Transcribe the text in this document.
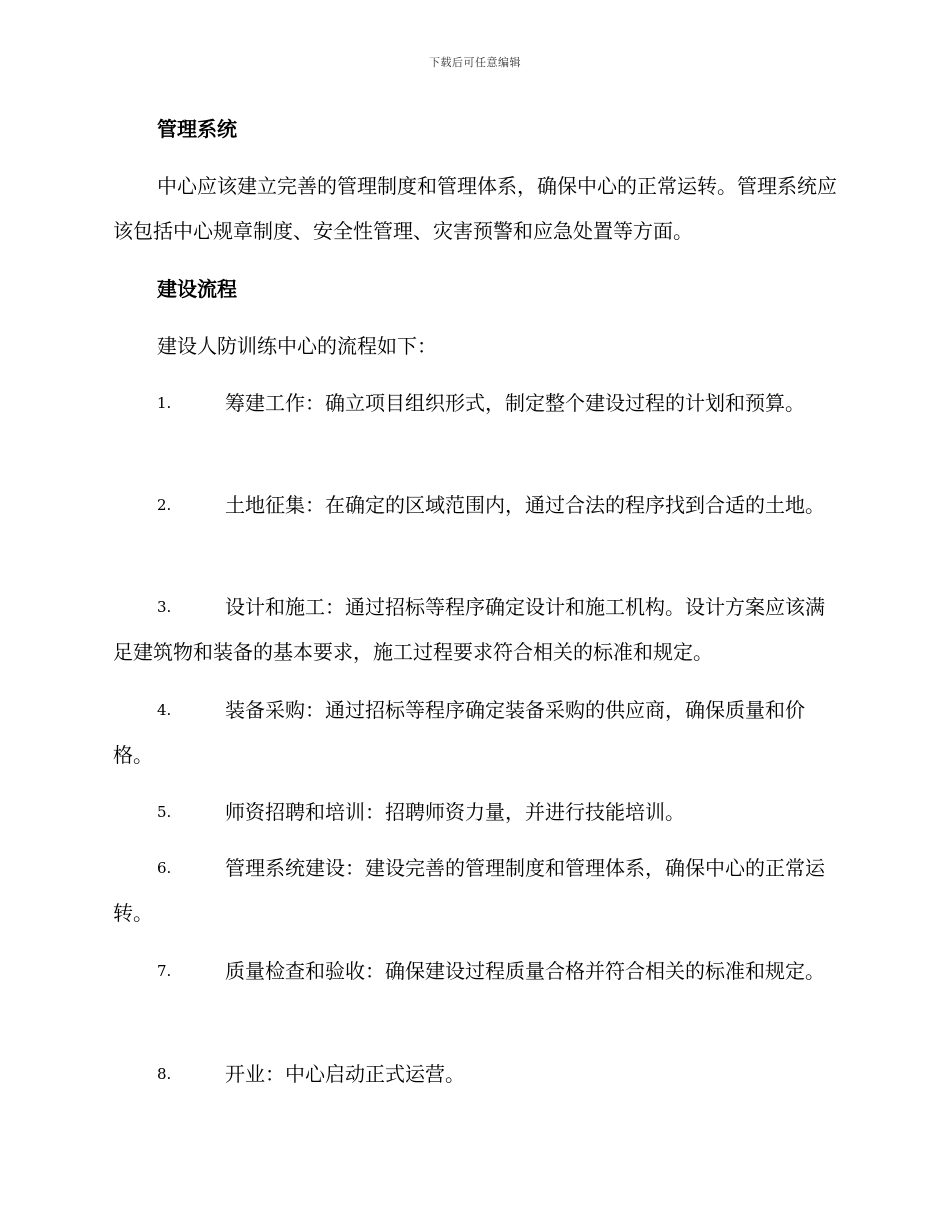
下载后可任意编辑
管理系统

中心应该建立完善的管理制度和管理体系，确保中心的正常运转。管理系统应该包括中心规章制度、安全性管理、灾害预警和应急处置等方面。

建设流程
建设人防训练中心的流程如下：

1.	筹建工作：确立项目组织形式，制定整个建设过程的计划和预算。

2.	土地征集：在确定的区域范围内，通过合法的程序找到合适的土地。

3.	设计和施工：通过招标等程序确定设计和施工机构。设计方案应该满足建筑物和装备的基本要求，施工过程要求符合相关的标准和规定。

4.	装备采购：通过招标等程序确定装备采购的供应商，确保质量和价格。

5.	师资招聘和培训：招聘师资力量，并进行技能培训。

6.	管理系统建设：建设完善的管理制度和管理体系，确保中心的正常运转。

7.	质量检查和验收：确保建设过程质量合格并符合相关的标准和规定。

8.	开业：中心启动正式运营。
